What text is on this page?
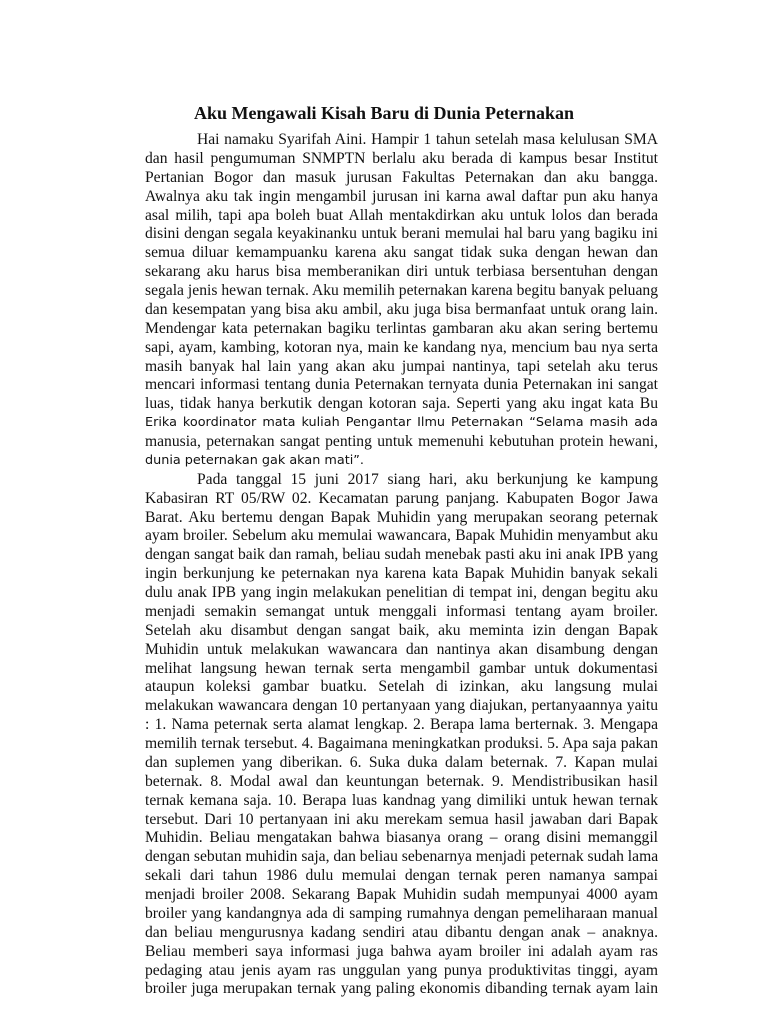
Aku Mengawali Kisah Baru di Dunia Peternakan
Hai namaku Syarifah Aini. Hampir 1 tahun setelah masa kelulusan SMA
dan hasil pengumuman SNMPTN berlalu aku berada di kampus besar Institut
Pertanian Bogor dan masuk jurusan Fakultas Peternakan dan aku bangga.
Awalnya aku tak ingin mengambil jurusan ini karna awal daftar pun aku hanya
asal milih, tapi apa boleh buat Allah mentakdirkan aku untuk lolos dan berada
disini dengan segala keyakinanku untuk berani memulai hal baru yang bagiku ini
semua diluar kemampuanku karena aku sangat tidak suka dengan hewan dan
sekarang aku harus bisa memberanikan diri untuk terbiasa bersentuhan dengan
segala jenis hewan ternak. Aku memilih peternakan karena begitu banyak peluang
dan kesempatan yang bisa aku ambil, aku juga bisa bermanfaat untuk orang lain.
Mendengar kata peternakan bagiku terlintas gambaran aku akan sering bertemu
sapi, ayam, kambing, kotoran nya, main ke kandang nya, mencium bau nya serta
masih banyak hal lain yang akan aku jumpai nantinya, tapi setelah aku terus
mencari informasi tentang dunia Peternakan ternyata dunia Peternakan ini sangat
luas, tidak hanya berkutik dengan kotoran saja. Seperti yang aku ingat kata Bu
Erika koordinator mata kuliah Pengantar Ilmu Peternakan “Selama masih ada
manusia, peternakan sangat penting untuk memenuhi kebutuhan protein hewani,
dunia peternakan gak akan mati”.
Pada tanggal 15 juni 2017 siang hari, aku berkunjung ke kampung
Kabasiran RT 05/RW 02. Kecamatan parung panjang. Kabupaten Bogor Jawa
Barat. Aku bertemu dengan Bapak Muhidin yang merupakan seorang peternak
ayam broiler. Sebelum aku memulai wawancara, Bapak Muhidin menyambut aku
dengan sangat baik dan ramah, beliau sudah menebak pasti aku ini anak IPB yang
ingin berkunjung ke peternakan nya karena kata Bapak Muhidin banyak sekali
dulu anak IPB yang ingin melakukan penelitian di tempat ini, dengan begitu aku
menjadi semakin semangat untuk menggali informasi tentang ayam broiler.
Setelah aku disambut dengan sangat baik, aku meminta izin dengan Bapak
Muhidin untuk melakukan wawancara dan nantinya akan disambung dengan
melihat langsung hewan ternak serta mengambil gambar untuk dokumentasi
ataupun koleksi gambar buatku. Setelah di izinkan, aku langsung mulai
melakukan wawancara dengan 10 pertanyaan yang diajukan, pertanyaannya yaitu
: 1. Nama peternak serta alamat lengkap. 2. Berapa lama berternak. 3. Mengapa
memilih ternak tersebut. 4. Bagaimana meningkatkan produksi. 5. Apa saja pakan
dan suplemen yang diberikan. 6. Suka duka dalam beternak. 7. Kapan mulai
beternak. 8. Modal awal dan keuntungan beternak. 9. Mendistribusikan hasil
ternak kemana saja. 10. Berapa luas kandnag yang dimiliki untuk hewan ternak
tersebut. Dari 10 pertanyaan ini aku merekam semua hasil jawaban dari Bapak
Muhidin. Beliau mengatakan bahwa biasanya orang – orang disini memanggil
dengan sebutan muhidin saja, dan beliau sebenarnya menjadi peternak sudah lama
sekali dari tahun 1986 dulu memulai dengan ternak peren namanya sampai
menjadi broiler 2008. Sekarang Bapak Muhidin sudah mempunyai 4000 ayam
broiler yang kandangnya ada di samping rumahnya dengan pemeliharaan manual
dan beliau mengurusnya kadang sendiri atau dibantu dengan anak – anaknya.
Beliau memberi saya informasi juga bahwa ayam broiler ini adalah ayam ras
pedaging atau jenis ayam ras unggulan yang punya produktivitas tinggi, ayam
broiler juga merupakan ternak yang paling ekonomis dibanding ternak ayam lain
